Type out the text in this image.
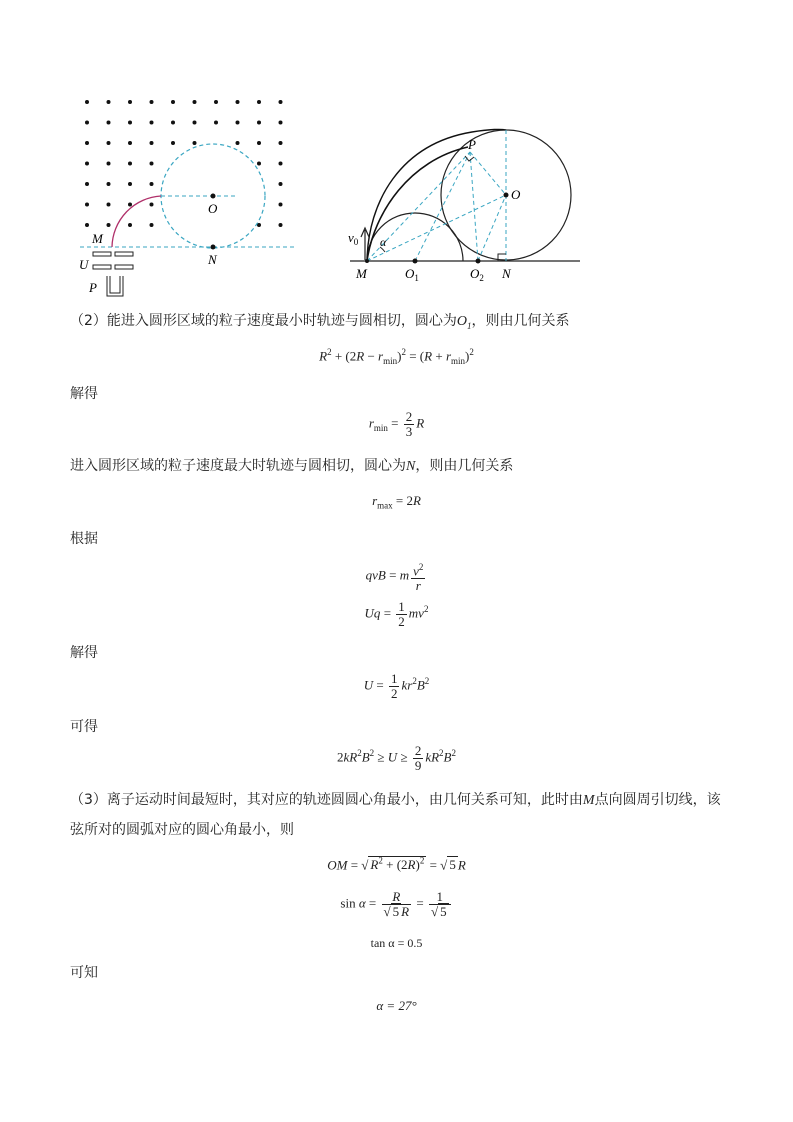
O
N
M
U
P
P
O
$v_0$ α
M	$O_1$	$O_2$ N
（2）能进入圆形区域的粒子速度最小时轨迹与圆相切，圆心为$O_1$，则由几何关系
$R^2 + (2R - r_{min})^2 = (R + r_{min})^2$
解得
$r_{min} = \frac{2}{3}$ R
进入圆形区域的粒子速度最大时轨迹与圆相切，圆心为N，则由几何关系
$r_{max} = 2R$
根据
qvB = m $\frac{v^2}{r}$
$Uq = \frac{1}{2} mv^2$
解得
$U = \frac{1}{2} kr^2B^2$
可得
$2kR^2B^2 \ge U \ge \frac{2}{9} kR^2B^2$
（3）离子运动时间最短时，其对应的轨迹圆圆心角最小，由几何关系可知，此时由M点向圆周引切线，该
弦所对的圆弧对应的圆心角最小，则
OM = √ $R^2 + (2R)^2$ = √ 5 R
$\sin \alpha = \frac{R}{√ 5 R} = \frac{1}{√ 5}$
tan α = 0.5
可知
α = 27°
